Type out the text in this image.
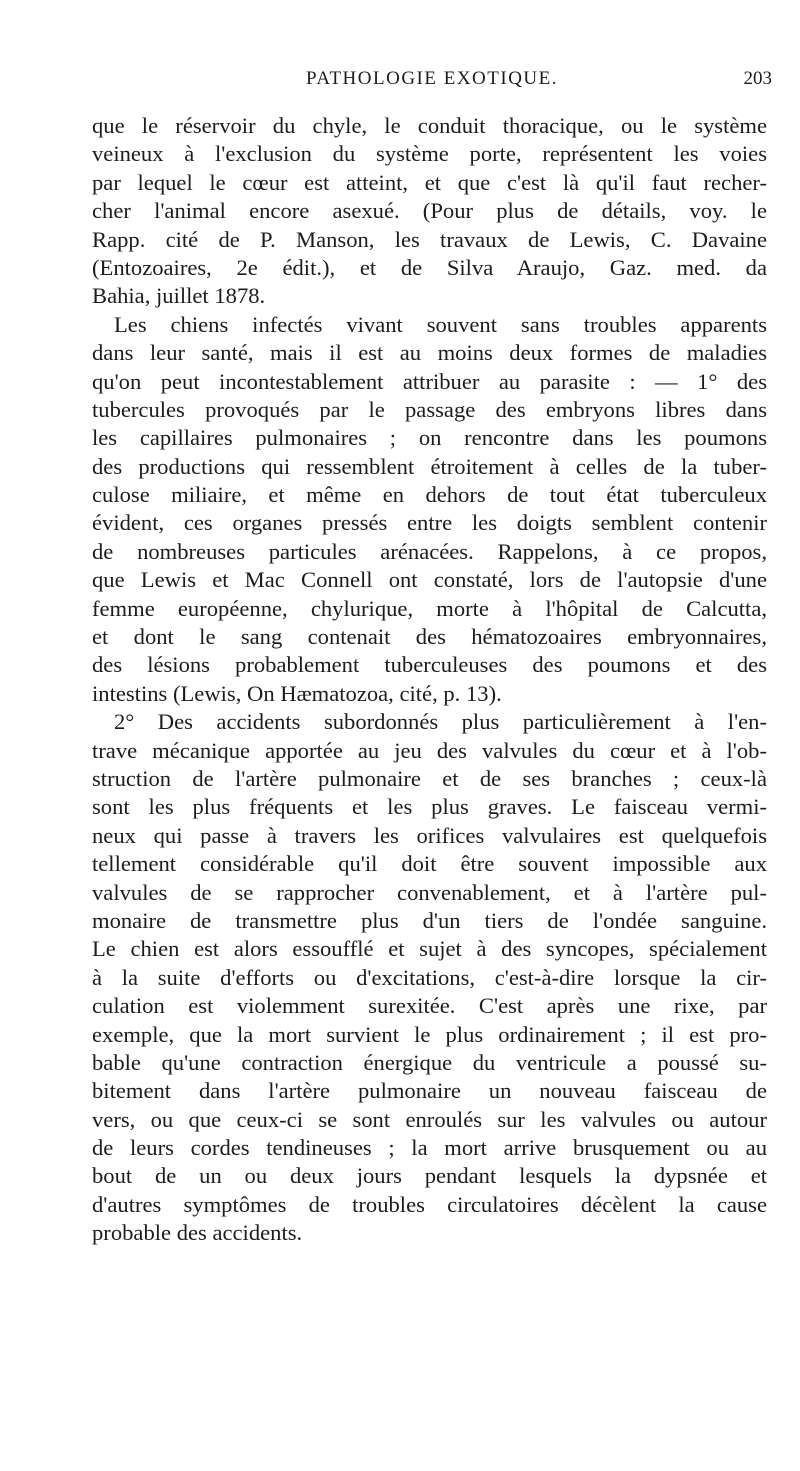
PATHOLOGIE EXOTIQUE.	203
que le réservoir du chyle, le conduit thoracique, ou le système
veineux à l'exclusion du système porte, représentent les voies
par lequel le cœur est atteint, et que c'est là qu'il faut recher-
cher l'animal encore asexué. (Pour plus de détails, voy. le
Rapp. cité de P. Manson, les travaux de Lewis, C. Davaine
(Entozoaires, 2e édit.), et de Silva Araujo, Gaz. med. da
Bahia, juillet 1878.
Les chiens infectés vivant souvent sans troubles apparents
dans leur santé, mais il est au moins deux formes de maladies
qu'on peut incontestablement attribuer au parasite : — 1° des
tubercules provoqués par le passage des embryons libres dans
les capillaires pulmonaires ; on rencontre dans les poumons
des productions qui ressemblent étroitement à celles de la tuber-
culose miliaire, et même en dehors de tout état tuberculeux
évident, ces organes pressés entre les doigts semblent contenir
de nombreuses particules arénacées. Rappelons, à ce propos,
que Lewis et Mac Connell ont constaté, lors de l'autopsie d'une
femme européenne, chylurique, morte à l'hôpital de Calcutta,
et dont le sang contenait des hématozoaires embryonnaires,
des lésions probablement tuberculeuses des poumons et des
intestins (Lewis, On Hæmatozoa, cité, p. 13).
2° Des accidents subordonnés plus particulièrement à l'en-
trave mécanique apportée au jeu des valvules du cœur et à l'ob-
struction de l'artère pulmonaire et de ses branches ; ceux-là
sont les plus fréquents et les plus graves. Le faisceau vermi-
neux qui passe à travers les orifices valvulaires est quelquefois
tellement considérable qu'il doit être souvent impossible aux
valvules de se rapprocher convenablement, et à l'artère pul-
monaire de transmettre plus d'un tiers de l'ondée sanguine.
Le chien est alors essoufflé et sujet à des syncopes, spécialement
à la suite d'efforts ou d'excitations, c'est-à-dire lorsque la cir-
culation est violemment surexitée. C'est après une rixe, par
exemple, que la mort survient le plus ordinairement ; il est pro-
bable qu'une contraction énergique du ventricule a poussé su-
bitement dans l'artère pulmonaire un nouveau faisceau de
vers, ou que ceux-ci se sont enroulés sur les valvules ou autour
de leurs cordes tendineuses ; la mort arrive brusquement ou au
bout de un ou deux jours pendant lesquels la dypsnée et
d'autres symptômes de troubles circulatoires décèlent la cause
probable des accidents.
